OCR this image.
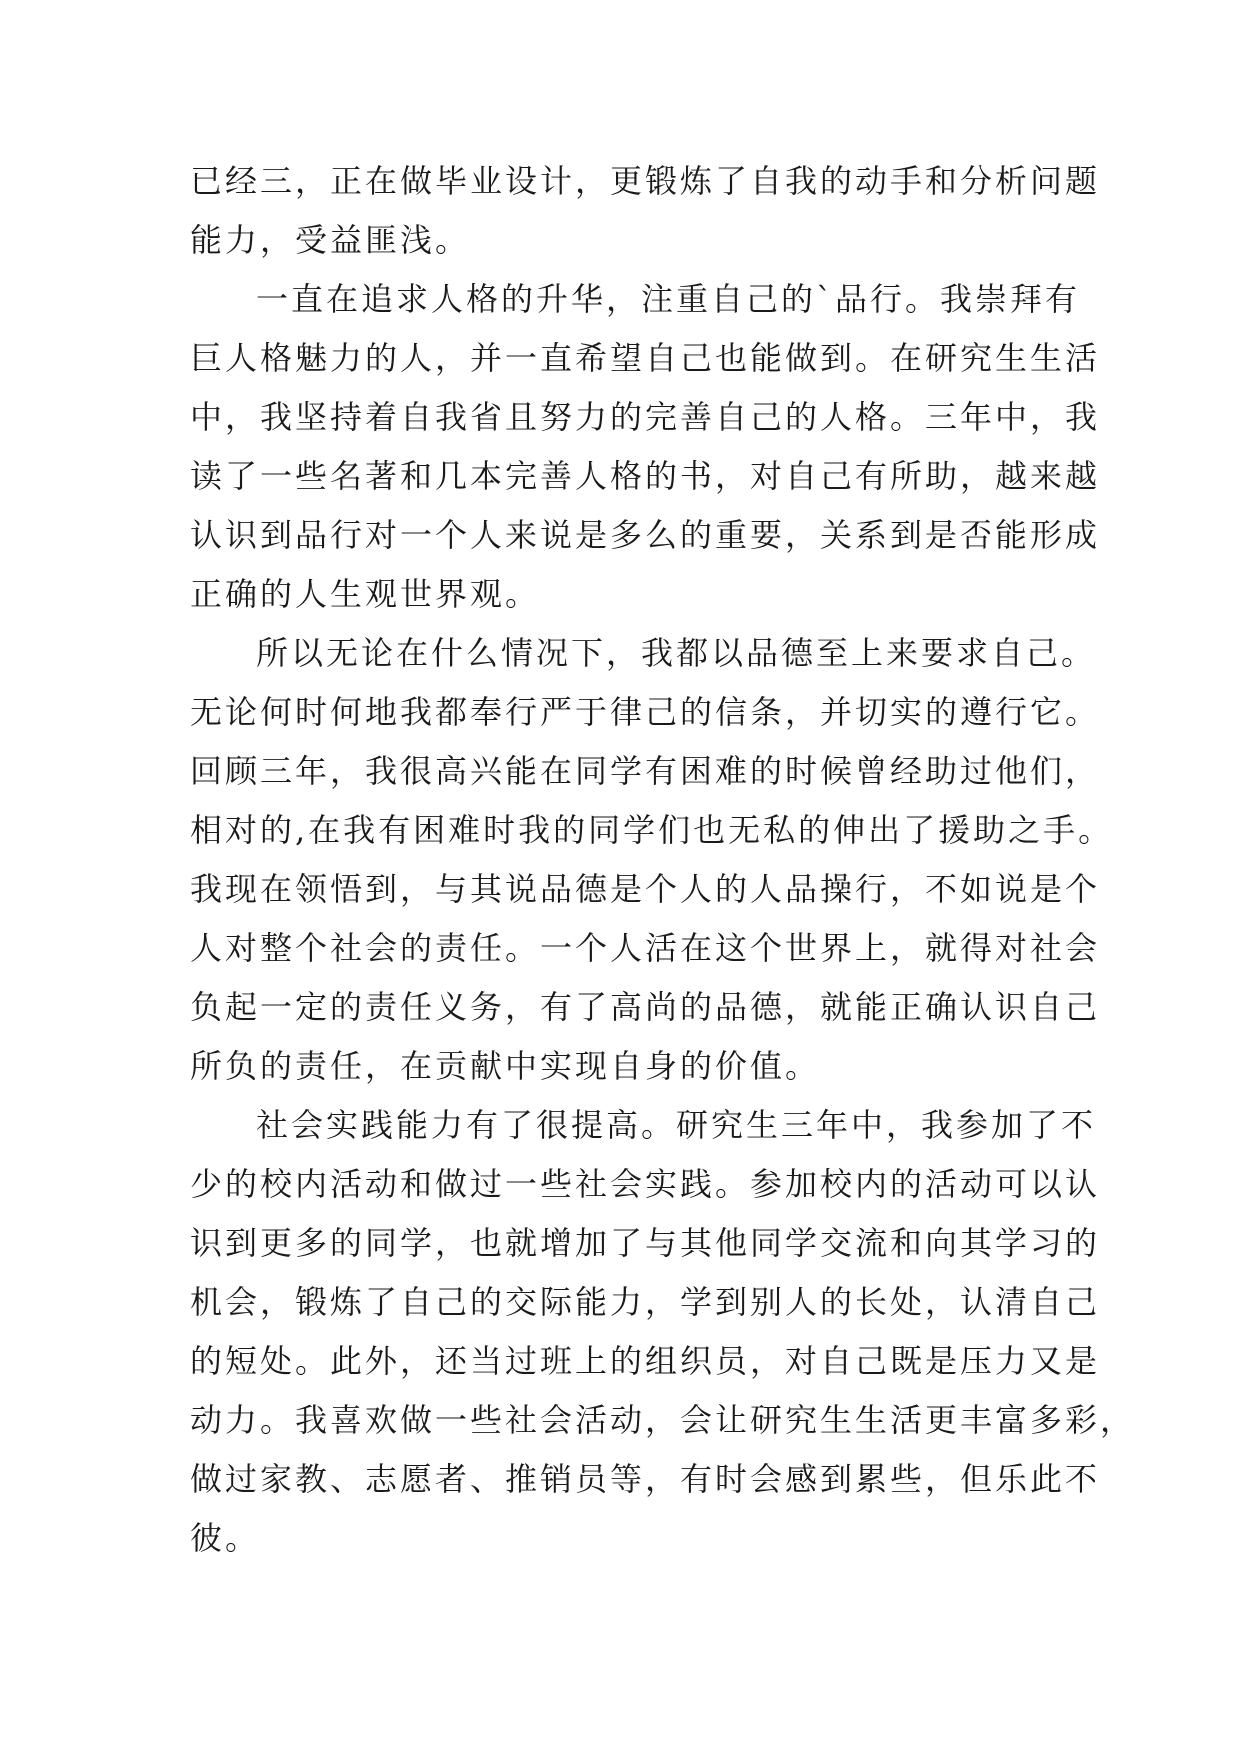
已经三，正在做毕业设计，更锻炼了自我的动手和分析问题
能力，受益匪浅。
一直在追求人格的升华，注重自己的`品行。我崇拜有
巨人格魅力的人，并一直希望自己也能做到。在研究生生活
中，我坚持着自我省且努力的完善自己的人格。三年中，我
读了一些名著和几本完善人格的书，对自己有所助，越来越
认识到品行对一个人来说是多么的重要，关系到是否能形成
正确的人生观世界观。
所以无论在什么情况下，我都以品德至上来要求自己。
无论何时何地我都奉行严于律己的信条，并切实的遵行它。
回顾三年，我很高兴能在同学有困难的时候曾经助过他们，
相对的,在我有困难时我的同学们也无私的伸出了援助之手。
我现在领悟到，与其说品德是个人的人品操行，不如说是个
人对整个社会的责任。一个人活在这个世界上，就得对社会
负起一定的责任义务，有了高尚的品德，就能正确认识自己
所负的责任，在贡献中实现自身的价值。
社会实践能力有了很提高。研究生三年中，我参加了不
少的校内活动和做过一些社会实践。参加校内的活动可以认
识到更多的同学，也就增加了与其他同学交流和向其学习的
机会，锻炼了自己的交际能力，学到别人的长处，认清自己
的短处。此外，还当过班上的组织员，对自己既是压力又是
动力。我喜欢做一些社会活动，会让研究生生活更丰富多彩，
做过家教、志愿者、推销员等，有时会感到累些，但乐此不
彼。
